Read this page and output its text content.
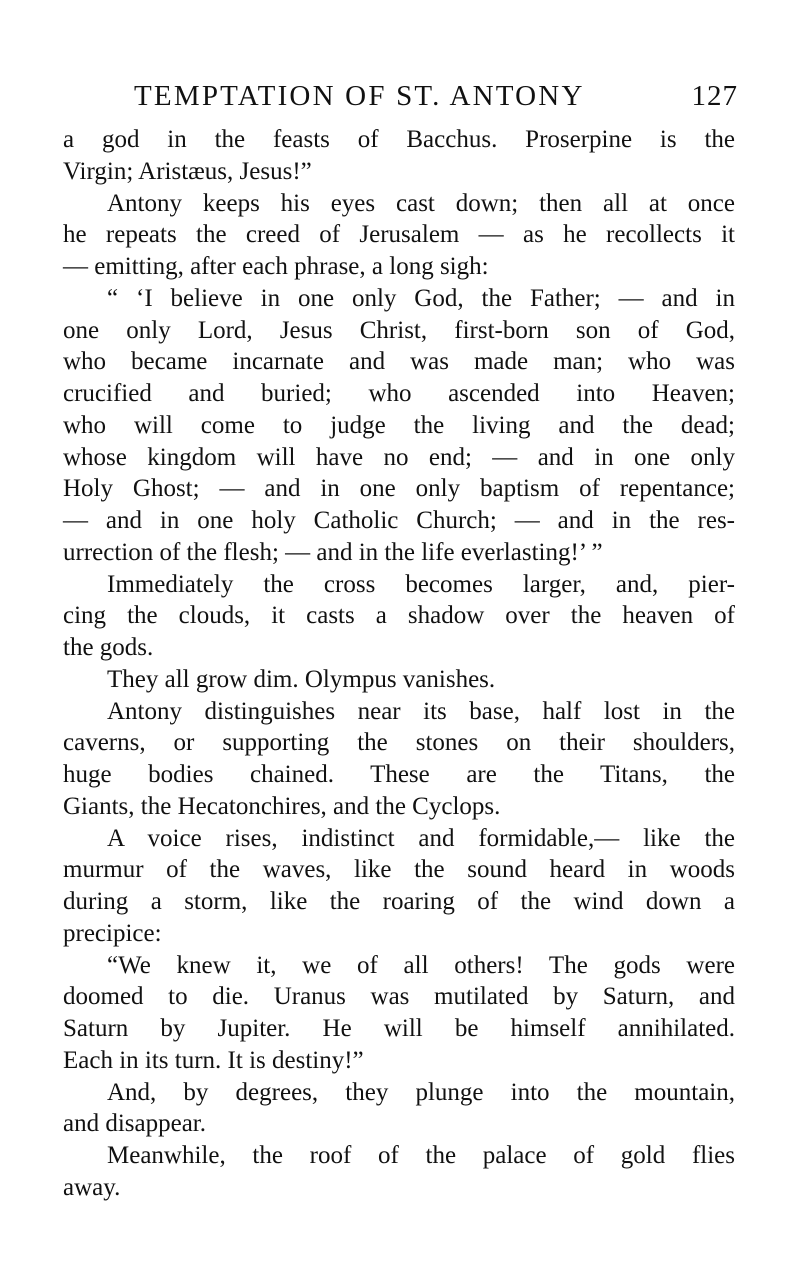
TEMPTATION OF ST. ANTONY	127
a god in the feasts of Bacchus. Proserpine is the
Virgin; Aristæus, Jesus!”
Antony keeps his eyes cast down; then all at once
he repeats the creed of Jerusalem — as he recollects it
— emitting, after each phrase, a long sigh:
“ ‘I believe in one only God, the Father; — and in
one only Lord, Jesus Christ, first-born son of God,
who became incarnate and was made man; who was
crucified and buried; who ascended into Heaven;
who will come to judge the living and the dead;
whose kingdom will have no end; — and in one only
Holy Ghost; — and in one only baptism of repentance;
— and in one holy Catholic Church; — and in the res-
urrection of the flesh; — and in the life everlasting!’ ”
Immediately the cross becomes larger, and, pier-
cing the clouds, it casts a shadow over the heaven of
the gods.
They all grow dim. Olympus vanishes.
Antony distinguishes near its base, half lost in the
caverns, or supporting the stones on their shoulders,
huge bodies chained. These are the Titans, the
Giants, the Hecatonchires, and the Cyclops.
A voice rises, indistinct and formidable,— like the
murmur of the waves, like the sound heard in woods
during a storm, like the roaring of the wind down a
precipice:
“We knew it, we of all others! The gods were
doomed to die. Uranus was mutilated by Saturn, and
Saturn by Jupiter. He will be himself annihilated.
Each in its turn. It is destiny!”
And, by degrees, they plunge into the mountain,
and disappear.
Meanwhile, the roof of the palace of gold flies
away.
